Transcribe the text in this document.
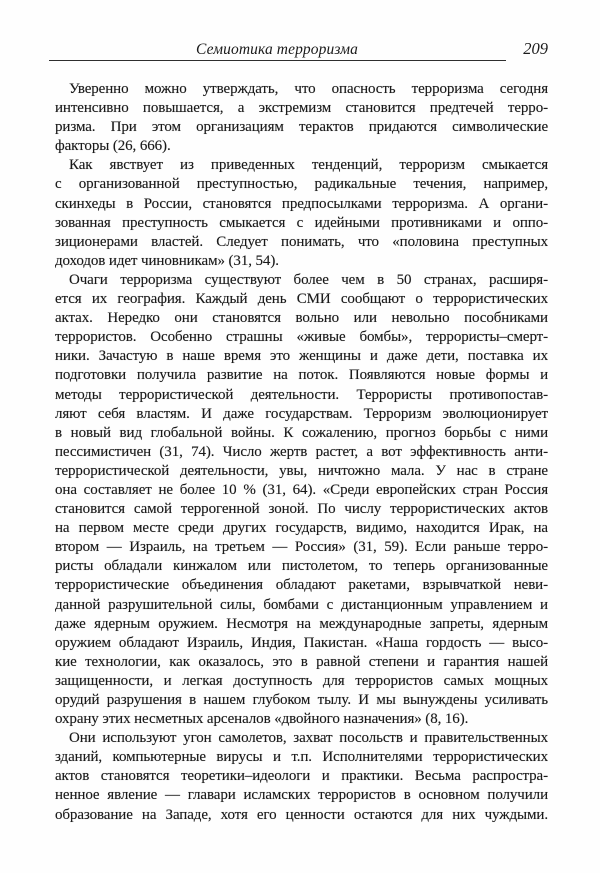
Семиотика терроризма	209
Уверенно можно утверждать, что опасность терроризма сегодня
интенсивно повышается, а экстремизм становится предтечей терро-
ризма. При этом организациям терактов придаются символические
факторы (26, 666).
Как явствует из приведенных тенденций, терроризм смыкается
с организованной преступностью, радикальные течения, например,
скинхеды в России, становятся предпосылками терроризма. А органи-
зованная преступность смыкается с идейными противниками и оппо-
зиционерами властей. Следует понимать, что «половина преступных
доходов идет чиновникам» (31, 54).
Очаги терроризма существуют более чем в 50 странах, расширя-
ется их география. Каждый день СМИ сообщают о террористических
актах. Нередко они становятся вольно или невольно пособниками
террористов. Особенно страшны «живые бомбы», террористы–смерт-
ники. Зачастую в наше время это женщины и даже дети, поставка их
подготовки получила развитие на поток. Появляются новые формы и
методы террористической деятельности. Террористы противопостав-
ляют себя властям. И даже государствам. Терроризм эволюционирует
в новый вид глобальной войны. К сожалению, прогноз борьбы с ними
пессимистичен (31, 74). Число жертв растет, а вот эффективность анти-
террористической деятельности, увы, ничтожно мала. У нас в стране
она составляет не более 10 % (31, 64). «Среди европейских стран Россия
становится самой террогенной зоной. По числу террористических актов
на первом месте среди других государств, видимо, находится Ирак, на
втором — Израиль, на третьем — Россия» (31, 59). Если раньше терро-
ристы обладали кинжалом или пистолетом, то теперь организованные
террористические объединения обладают ракетами, взрывчаткой неви-
данной разрушительной силы, бомбами с дистанционным управлением и
даже ядерным оружием. Несмотря на международные запреты, ядерным
оружием обладают Израиль, Индия, Пакистан. «Наша гордость — высо-
кие технологии, как оказалось, это в равной степени и гарантия нашей
защищенности, и легкая доступность для террористов самых мощных
орудий разрушения в нашем глубоком тылу. И мы вынуждены усиливать
охрану этих несметных арсеналов «двойного назначения» (8, 16).
Они используют угон самолетов, захват посольств и правительственных
зданий, компьютерные вирусы и т.п. Исполнителями террористических
актов становятся теоретики–идеологи и практики. Весьма распростра-
ненное явление — главари исламских террористов в основном получили
образование на Западе, хотя его ценности остаются для них чуждыми.
